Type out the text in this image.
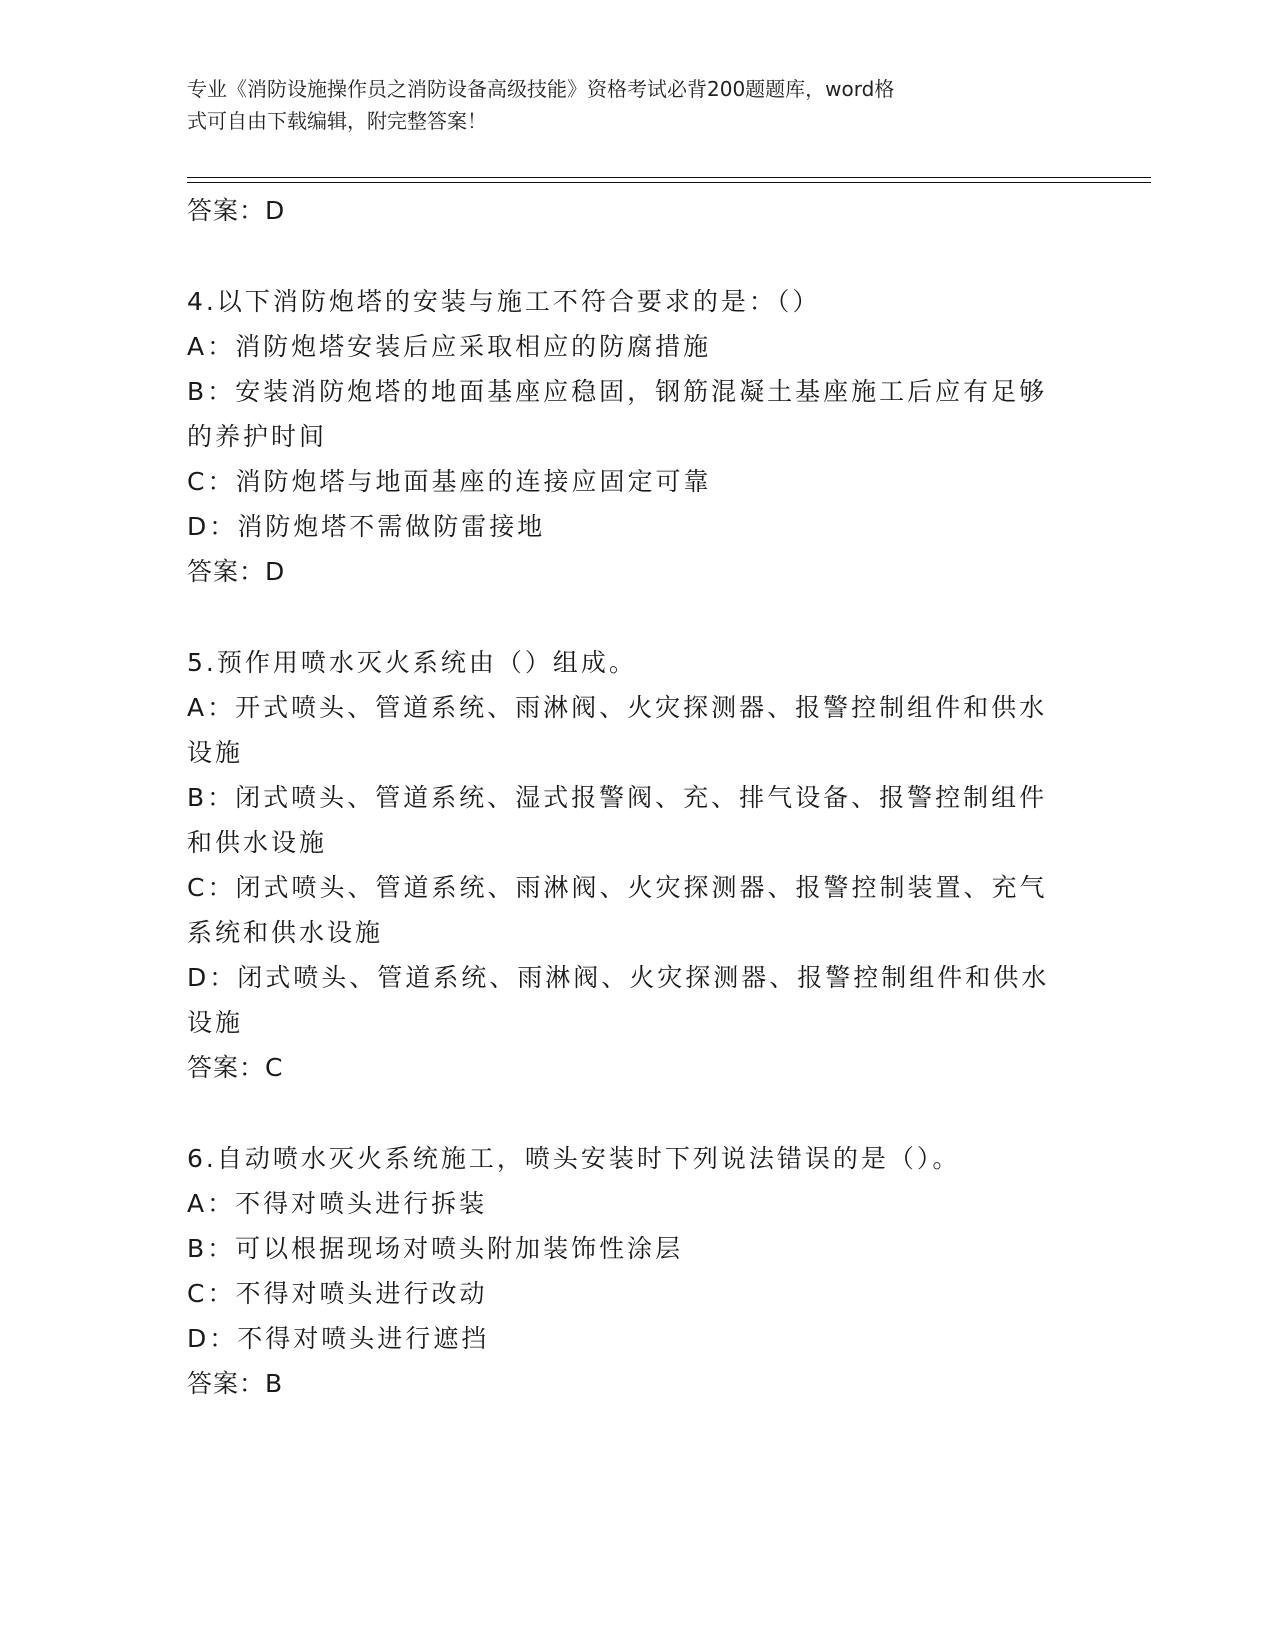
专业《消防设施操作员之消防设备高级技能》资格考试必背200题题库，word格
式可自由下载编辑，附完整答案！

答案：D

4.以下消防炮塔的安装与施工不符合要求的是：（）

A：消防炮塔安装后应采取相应的防腐措施

B：安装消防炮塔的地面基座应稳固，钢筋混凝土基座施工后应有足够

的养护时间

C：消防炮塔与地面基座的连接应固定可靠

D：消防炮塔不需做防雷接地

答案：D

5.预作用喷水灭火系统由（）组成。

A：开式喷头、管道系统、雨淋阀、火灾探测器、报警控制组件和供水

设施

B：闭式喷头、管道系统、湿式报警阀、充、排气设备、报警控制组件

和供水设施

C：闭式喷头、管道系统、雨淋阀、火灾探测器、报警控制装置、充气

系统和供水设施

D：闭式喷头、管道系统、雨淋阀、火灾探测器、报警控制组件和供水

设施

答案：C

6.自动喷水灭火系统施工，喷头安装时下列说法错误的是（）。

A：不得对喷头进行拆装

B：可以根据现场对喷头附加装饰性涂层

C：不得对喷头进行改动

D：不得对喷头进行遮挡

答案：B
